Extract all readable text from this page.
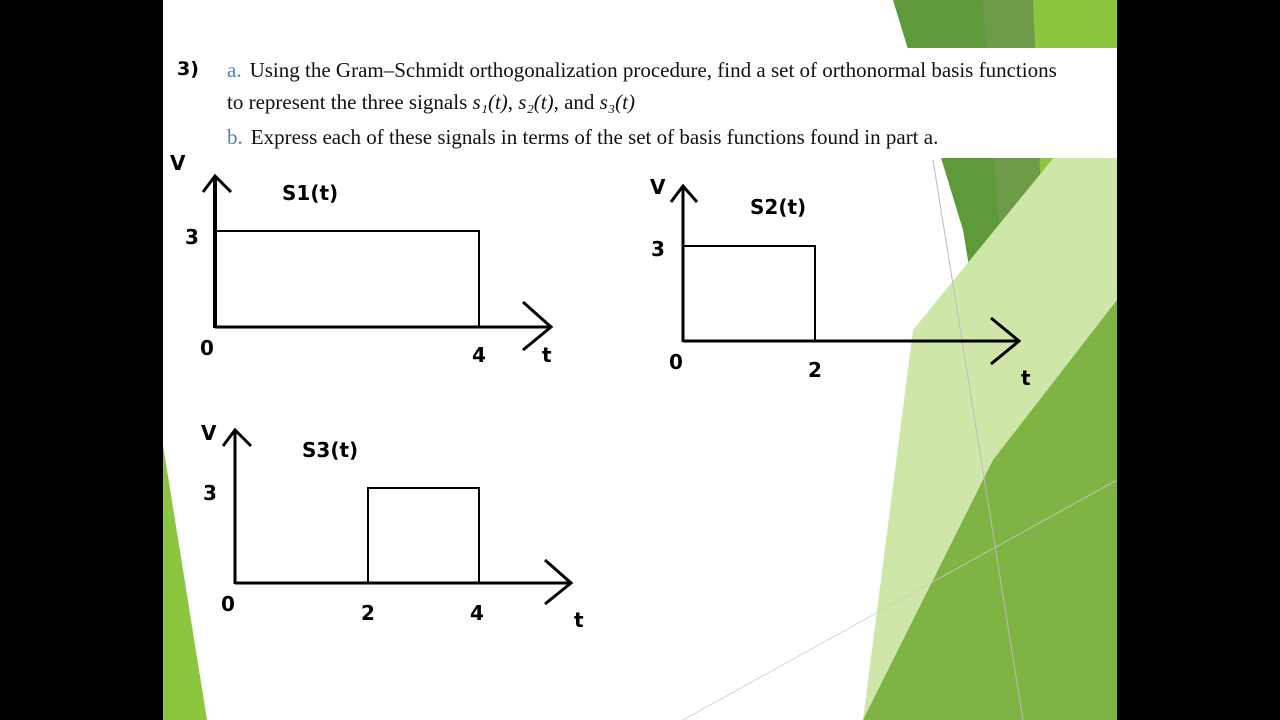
3) a. Using the Gram–Schmidt orthogonalization procedure, find a set of orthonormal basis functions
to represent the three signals s₁(t), s₂(t), and s₃(t)
b. Express each of these signals in terms of the set of basis functions found in part a.
V
S1(t)
3
0	4	t
V
S2(t)
3
0	2	t
V
S3(t)
3
0	2	4	t
